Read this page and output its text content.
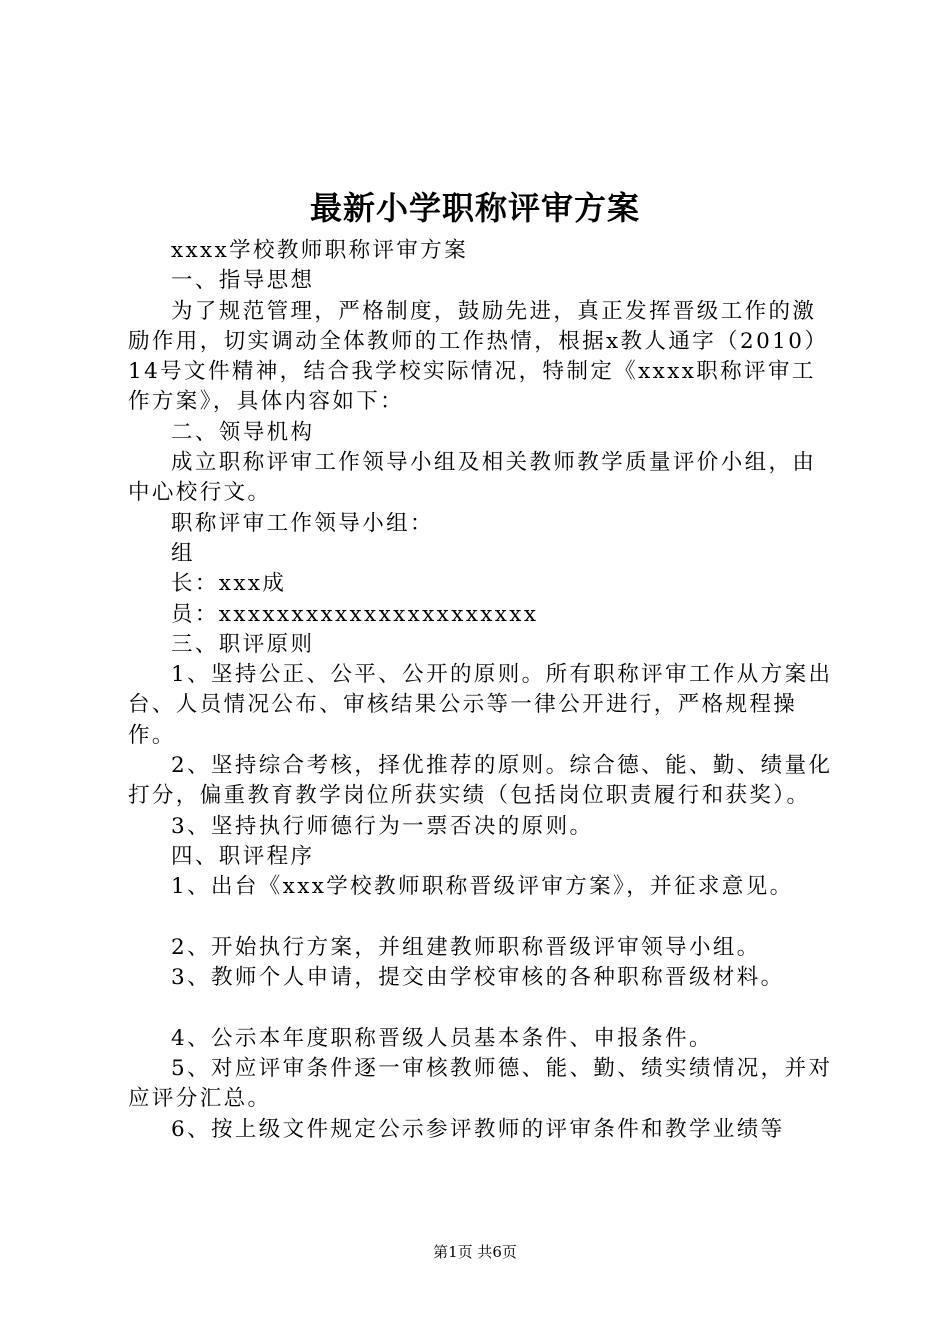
最新小学职称评审方案

xxxx学校教师职称评审方案

一、指导思想

为了规范管理，严格制度，鼓励先进，真正发挥晋级工作的激励作用，切实调动全体教师的工作热情，根据x教人通字（2010）14号文件精神，结合我学校实际情况，特制定《xxxx职称评审工作方案》，具体内容如下：

二、领导机构

成立职称评审工作领导小组及相关教师教学质量评价小组，由中心校行文。

职称评审工作领导小组：

组

长：xxx成

员：xxxxxxxxxxxxxxxxxxxxxx

三、职评原则

1、坚持公正、公平、公开的原则。所有职称评审工作从方案出台、人员情况公布、审核结果公示等一律公开进行，严格规程操作。

2、坚持综合考核，择优推荐的原则。综合德、能、勤、绩量化打分，偏重教育教学岗位所获实绩（包括岗位职责履行和获奖）。

3、坚持执行师德行为一票否决的原则。

四、职评程序

1、出台《xxx学校教师职称晋级评审方案》，并征求意见。

2、开始执行方案，并组建教师职称晋级评审领导小组。

3、教师个人申请，提交由学校审核的各种职称晋级材料。

4、公示本年度职称晋级人员基本条件、申报条件。

5、对应评审条件逐一审核教师德、能、勤、绩实绩情况，并对应评分汇总。

6、按上级文件规定公示参评教师的评审条件和教学业绩等

第1页 共6页
